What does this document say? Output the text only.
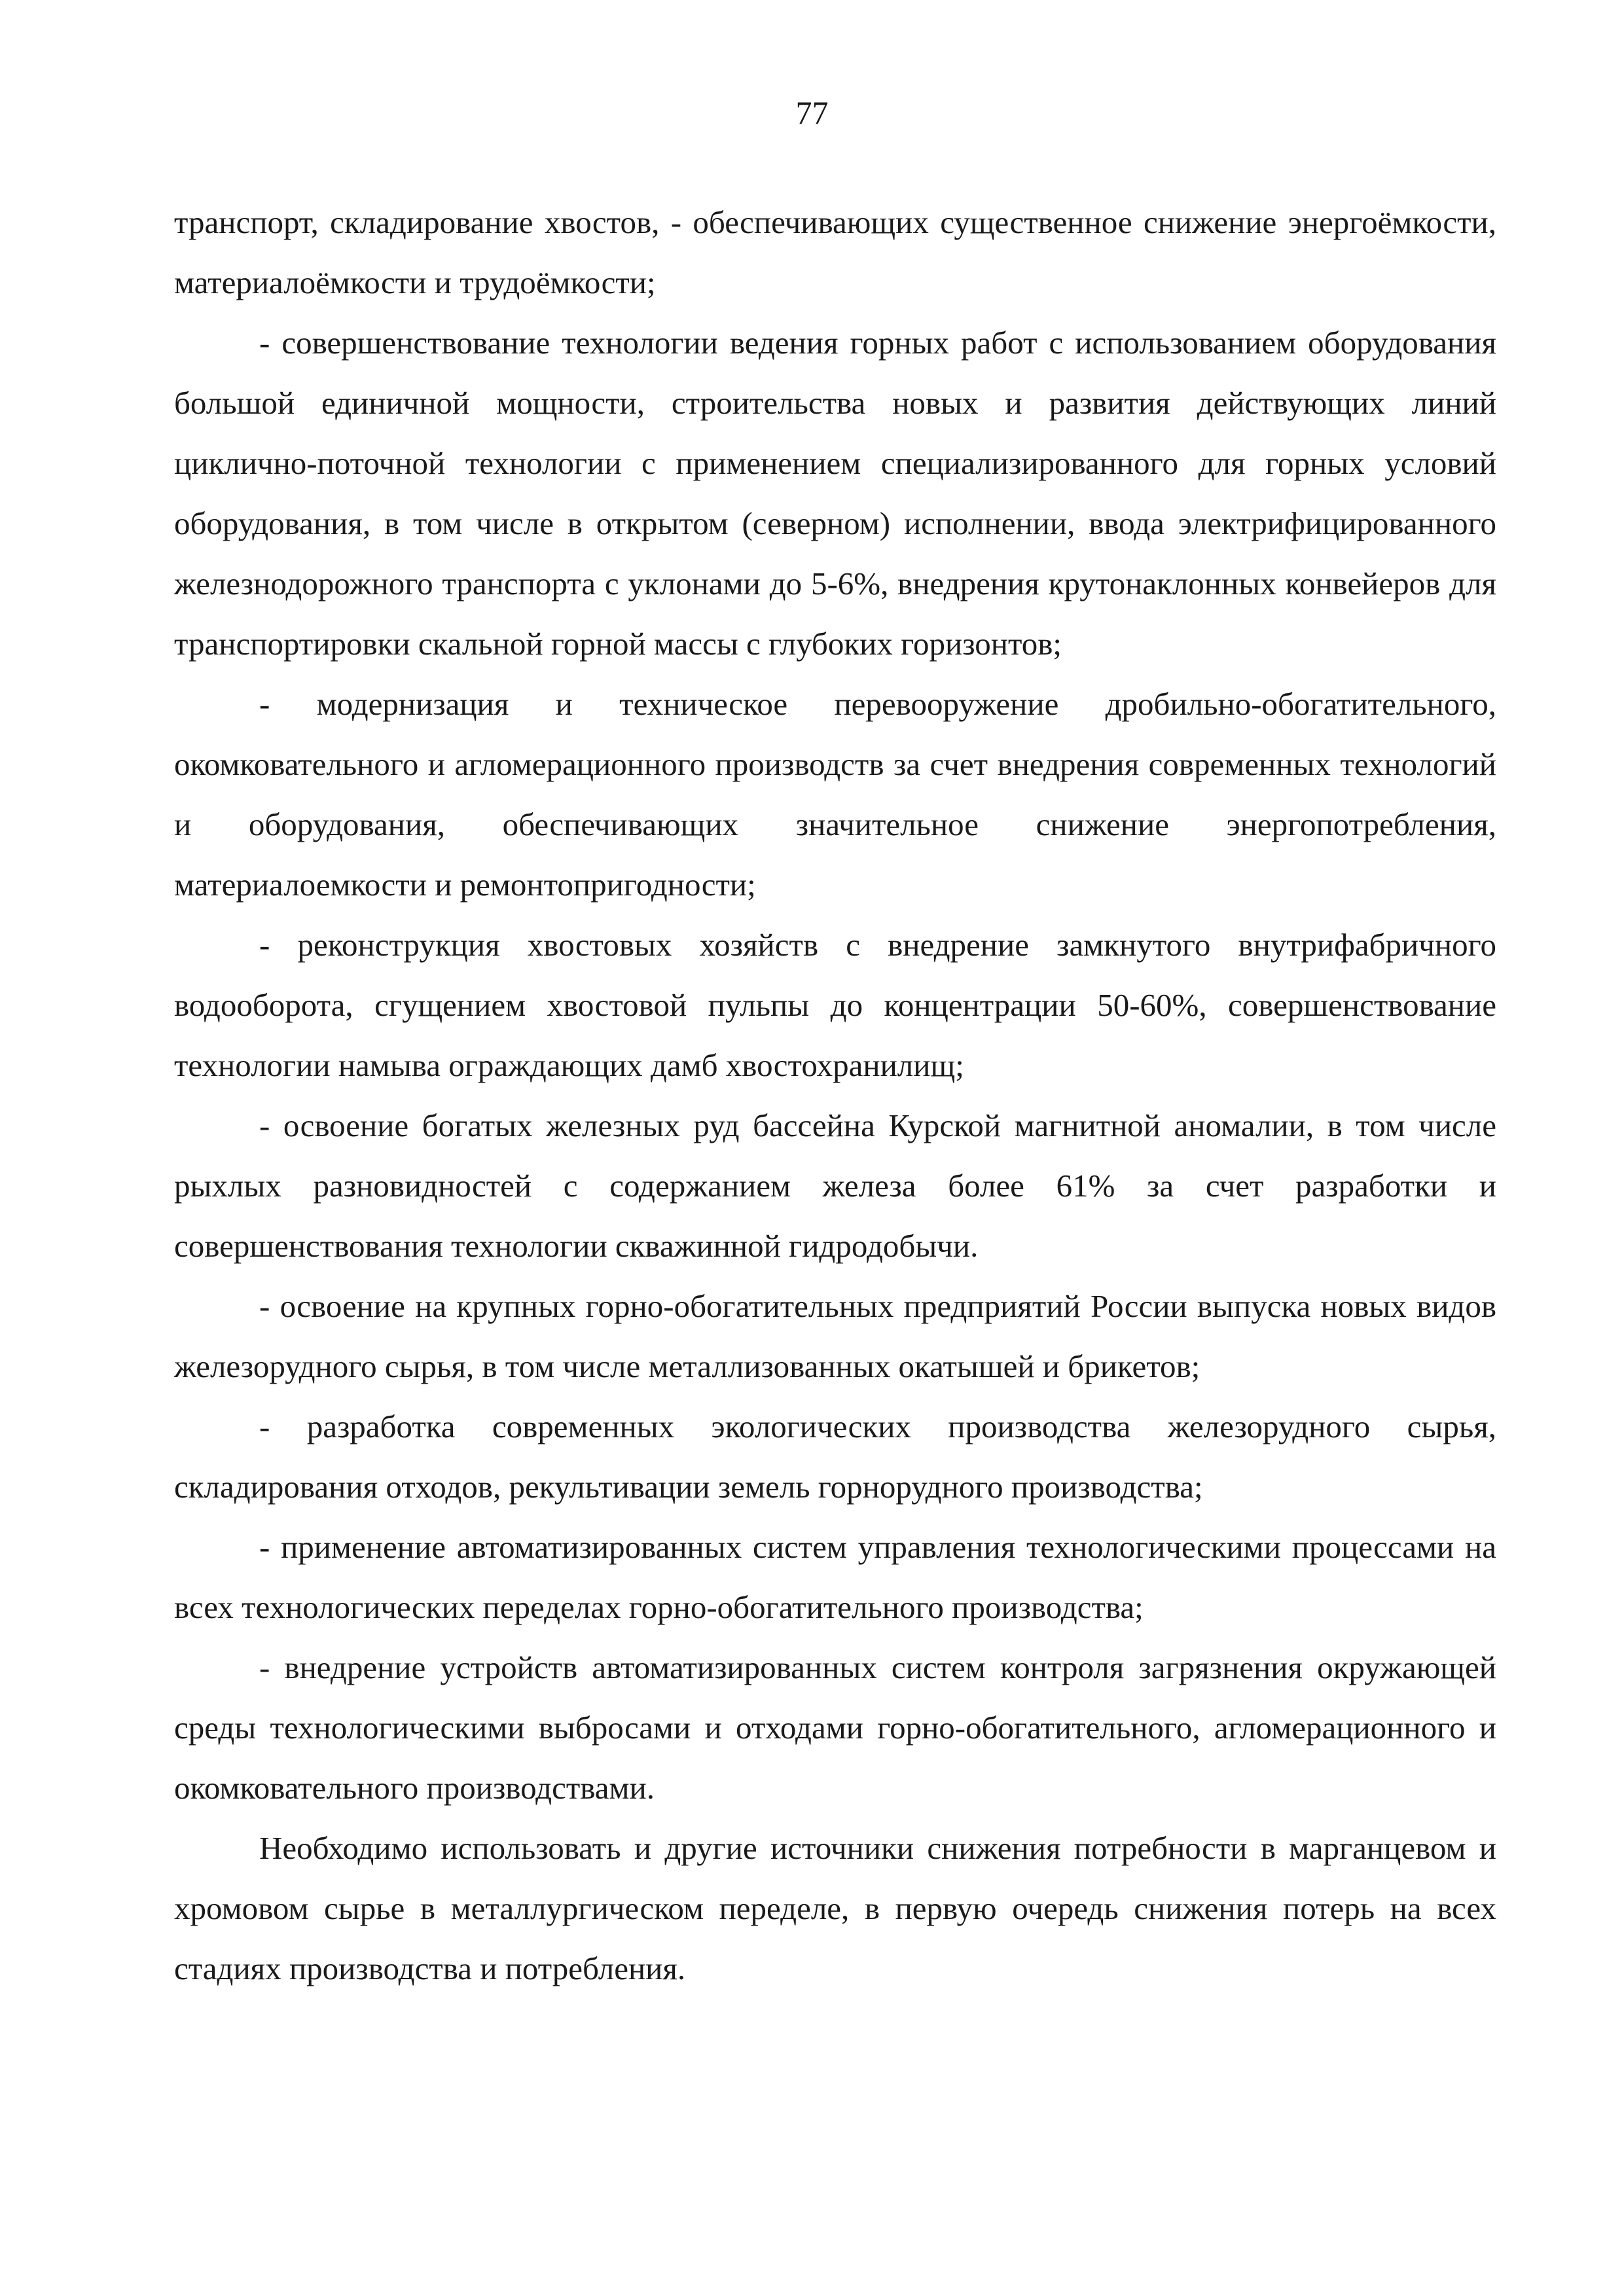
77

транспорт, складирование хвостов, - обеспечивающих существенное снижение энергоёмкости, материалоёмкости и трудоёмкости;

- совершенствование технологии ведения горных работ с использованием оборудования большой единичной мощности, строительства новых и развития действующих линий циклично-поточной технологии с применением специализированного для горных условий оборудования, в том числе в открытом (северном) исполнении, ввода электрифицированного железнодорожного транспорта с уклонами до 5-6%, внедрения крутонаклонных конвейеров для транспортировки скальной горной массы с глубоких горизонтов;

- модернизация и техническое перевооружение дробильно-обогатительного, окомковательного и агломерационного производств за счет внедрения современных технологий и оборудования, обеспечивающих значительное снижение энергопотребления, материалоемкости и ремонтопригодности;

- реконструкция хвостовых хозяйств с внедрение замкнутого внутрифабричного водооборота, сгущением хвостовой пульпы до концентрации 50-60%, совершенствование технологии намыва ограждающих дамб хвостохранилищ;

- освоение богатых железных руд бассейна Курской магнитной аномалии, в том числе рыхлых разновидностей с содержанием железа более 61% за счет разработки и совершенствования технологии скважинной гидродобычи.

- освоение на крупных горно-обогатительных предприятий России выпуска новых видов железорудного сырья, в том числе металлизованных окатышей и брикетов;

- разработка современных экологических производства железорудного сырья, складирования отходов, рекультивации земель горнорудного производства;

- применение автоматизированных систем управления технологическими процессами на всех технологических переделах горно-обогатительного производства;

- внедрение устройств автоматизированных систем контроля загрязнения окружающей среды технологическими выбросами и отходами горно-обогатительного, агломерационного и окомковательного производствами.

Необходимо использовать и другие источники снижения потребности в марганцевом и хромовом сырье в металлургическом переделе, в первую очередь снижения потерь на всех стадиях производства и потребления.
